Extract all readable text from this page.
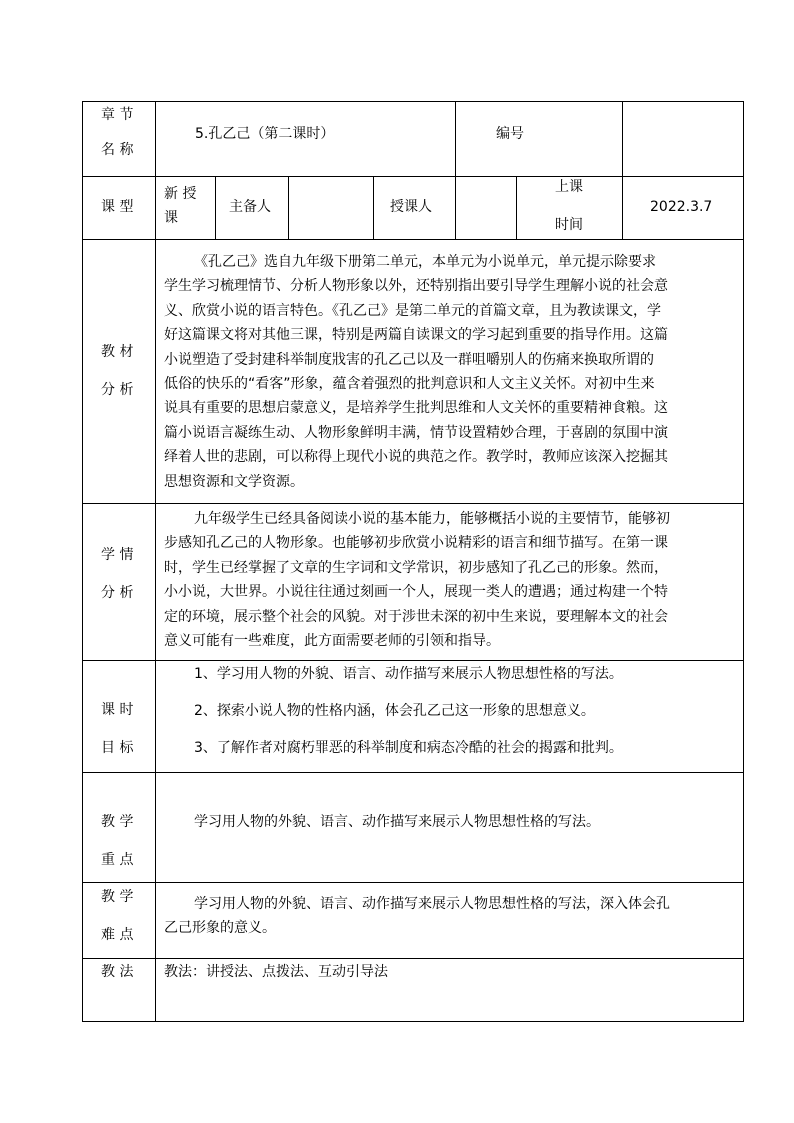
章 节
名 称
5.孔乙己（第二课时）	编号
课 型
新 授
课
主备人	授课人
上课
时间
2022.3.7
教 材
分 析

《孔乙己》选自九年级下册第二单元，本单元为小说单元，单元提示除要求

学生学习梳理情节、分析人物形象以外，还特别指出要引导学生理解小说的社会意

义、欣赏小说的语言特色。《孔乙己》是第二单元的首篇文章，且为教读课文，学

好这篇课文将对其他三课，特别是两篇自读课文的学习起到重要的指导作用。这篇

小说塑造了受封建科举制度戕害的孔乙己以及一群咀嚼别人的伤痛来换取所谓的

低俗的快乐的“看客”形象，蕴含着强烈的批判意识和人文主义关怀。对初中生来

说具有重要的思想启蒙意义，是培养学生批判思维和人文关怀的重要精神食粮。这

篇小说语言凝练生动、人物形象鲜明丰满，情节设置精妙合理，于喜剧的氛围中演

绎着人世的悲剧，可以称得上现代小说的典范之作。教学时，教师应该深入挖掘其

思想资源和文学资源。

学 情
分 析

九年级学生已经具备阅读小说的基本能力，能够概括小说的主要情节，能够初

步感知孔乙己的人物形象。也能够初步欣赏小说精彩的语言和细节描写。在第一课

时，学生已经掌握了文章的生字词和文学常识，初步感知了孔乙己的形象。然而，

小小说，大世界。小说往往通过刻画一个人，展现一类人的遭遇；通过构建一个特

定的环境，展示整个社会的风貌。对于涉世未深的初中生来说，要理解本文的社会

意义可能有一些难度，此方面需要老师的引领和指导。

课 时
目 标
1、学习用人物的外貌、语言、动作描写来展示人物思想性格的写法。
2、探索小说人物的性格内涵，体会孔乙己这一形象的思想意义。
3、了解作者对腐朽罪恶的科举制度和病态冷酷的社会的揭露和批判。
教 学
重 点
学习用人物的外貌、语言、动作描写来展示人物思想性格的写法。
教 学
难 点
学习用人物的外貌、语言、动作描写来展示人物思想性格的写法，深入体会孔
乙己形象的意义。
教 法 教法：讲授法、点拨法、互动引导法
